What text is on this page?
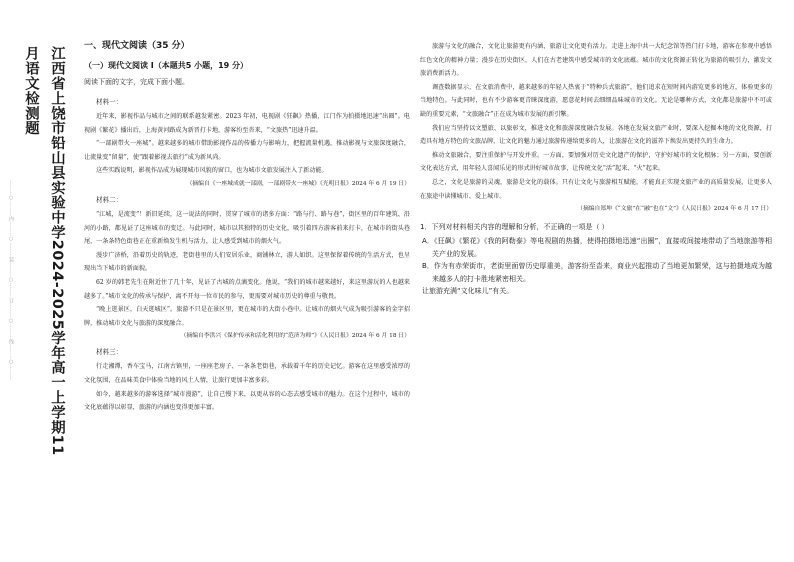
………○………内………○………装………○………订………○………线………○………	江西省上饶市铅山县实验中学2024-2025学年高一上学期11月语文检测题	一、现代文阅读（35 分）
（一）现代文阅读 I（本题共5 小题，19 分）
阅读下面的文字，完成下面小题。
材料一：

近年来，影视作品与城市之间的联系越发紧密。2023 年初，电视剧《狂飙》热播，江门作为拍摄地迅速“出圈”。电视剧《繁花》播出后，上海黄河路成为新晋打卡地，游客纷至沓来，“文旅热”迅速升温。

“一部剧带火一座城”。越来越多的城市借助影视作品的传播力与影响力，把握流量机遇，推动影视与文旅深度融合，让流量变“留量”，使“跟着影视去旅行”成为新风尚。

这些实践说明，影视作品成为展现城市风貌的窗口，也为城市文旅发展注入了新动能。

（摘编自《一座城成就一部剧，一部剧带火一座城》《光明日报》2024 年 6 月 19 日）
材料二：

“江城，是流变”！新旧延续，这一说法的同时，贯穿了城市的诸多方面：“路与行、路与巷”，街区里的百年建筑、沿河的小路，都见证了这座城市的变迁。与此同时，城市以其独特的历史文化，吸引着四方游客前来打卡，在城市的街头巷尾，一条条特色街巷正在重新焕发生机与活力，让人感受到城市的烟火气。

漫步广济桥，沿着历史的轨迹，老街巷里的人们安居乐业，商铺林立，游人如织。这里保留着传统的生活方式，也呈现出当下城市的新面貌。

62 岁的韩老先生在附近住了几十年，见证了古城的点滴变化。他说，“我们的城市越来越好，来这里游玩的人也越来越多了。”城市文化的传承与保护，离不开每一位市民的参与，更需要对城市历史的尊重与敬畏。

“晚上逛景区，白天逛城区”。旅游不只是在景区里，更在城市的大街小巷中。让城市的烟火气成为吸引游客的金字招牌，推动城市文化与旅游的深度融合。

（摘编自李洪兴《保护传承和活化利用的“范济为师”》《人民日报》2024 年 6 月 18 日）
材料三：

行走湘潭，香车宝马，江南古镇里，一座座老房子、一条条老街巷，承载着千年的历史记忆。游客在这里感受浓厚的文化氛围，在品味美食中体验当地的风土人情，让旅行更加丰富多彩。

如今，越来越多的游客选择“城市漫游”，让自己慢下来，以更从容的心态去感受城市的魅力。在这个过程中，城市的文化底蕴得以彰显，旅游的内涵也变得更加丰富。

旅游与文化的融合，文化让旅游更有内涵，旅游让文化更有活力。走进上海中共一大纪念馆等热门打卡地，游客在参观中感悟红色文化的精神力量；漫步在历史街区，人们在古老建筑中感受城市的文化底蕴。城市的文化资源正转化为旅游的吸引力，激发文旅消费新活力。

调查数据显示，在文旅消费中，越来越多的年轻人热衷于“特种兵式旅游”，他们追求在短时间内游览更多的地方，体验更多的当地特色。与此同时，也有不少游客更青睐深度游，愿意花时间去细细品味城市的文化。无论是哪种方式，文化都是旅游中不可或缺的重要元素，“文旅融合”正在成为城市发展的新引擎。

我们应当坚持以文塑旅、以旅彰文，推进文化和旅游深度融合发展。各地在发展文旅产业时，要深入挖掘本地的文化资源，打造具有地方特色的文旅品牌，让文化的魅力通过旅游传递给更多的人，让旅游在文化的滋养下焕发出更持久的生命力。

推动文旅融合，要注重保护与开发并重。一方面，要加强对历史文化遗产的保护，守护好城市的文化根脉；另一方面，要创新文化表达方式，用年轻人喜闻乐见的形式讲好城市故事，让传统文化“活”起来、“火”起来。

总之，文化是旅游的灵魂，旅游是文化的载体。只有让文化与旅游相互赋能，才能真正实现文旅产业的高质量发展，让更多人在旅途中读懂城市、爱上城市。

（摘编自郑坤《“文旅”在“融”也在“文”》《人民日报》2024 年 6 月 17 日）
1．下列对材料相关内容的理解和分析，不正确的一项是（ ）

A．《狂飙》《繁花》《我的阿勒泰》等电视剧的热播，使得拍摄地迅速“出圈”，直接或间接地带动了当地旅游等相关产业的发展。

B．作为有赤荣街市，老街里面曾历史厚重美，游客纷至沓来，商业兴起推动了当地更加繁荣，这与拍摄地成为越来越多人的打卡胜地紧密相关。

让旅游充满“文化味儿”有关。
